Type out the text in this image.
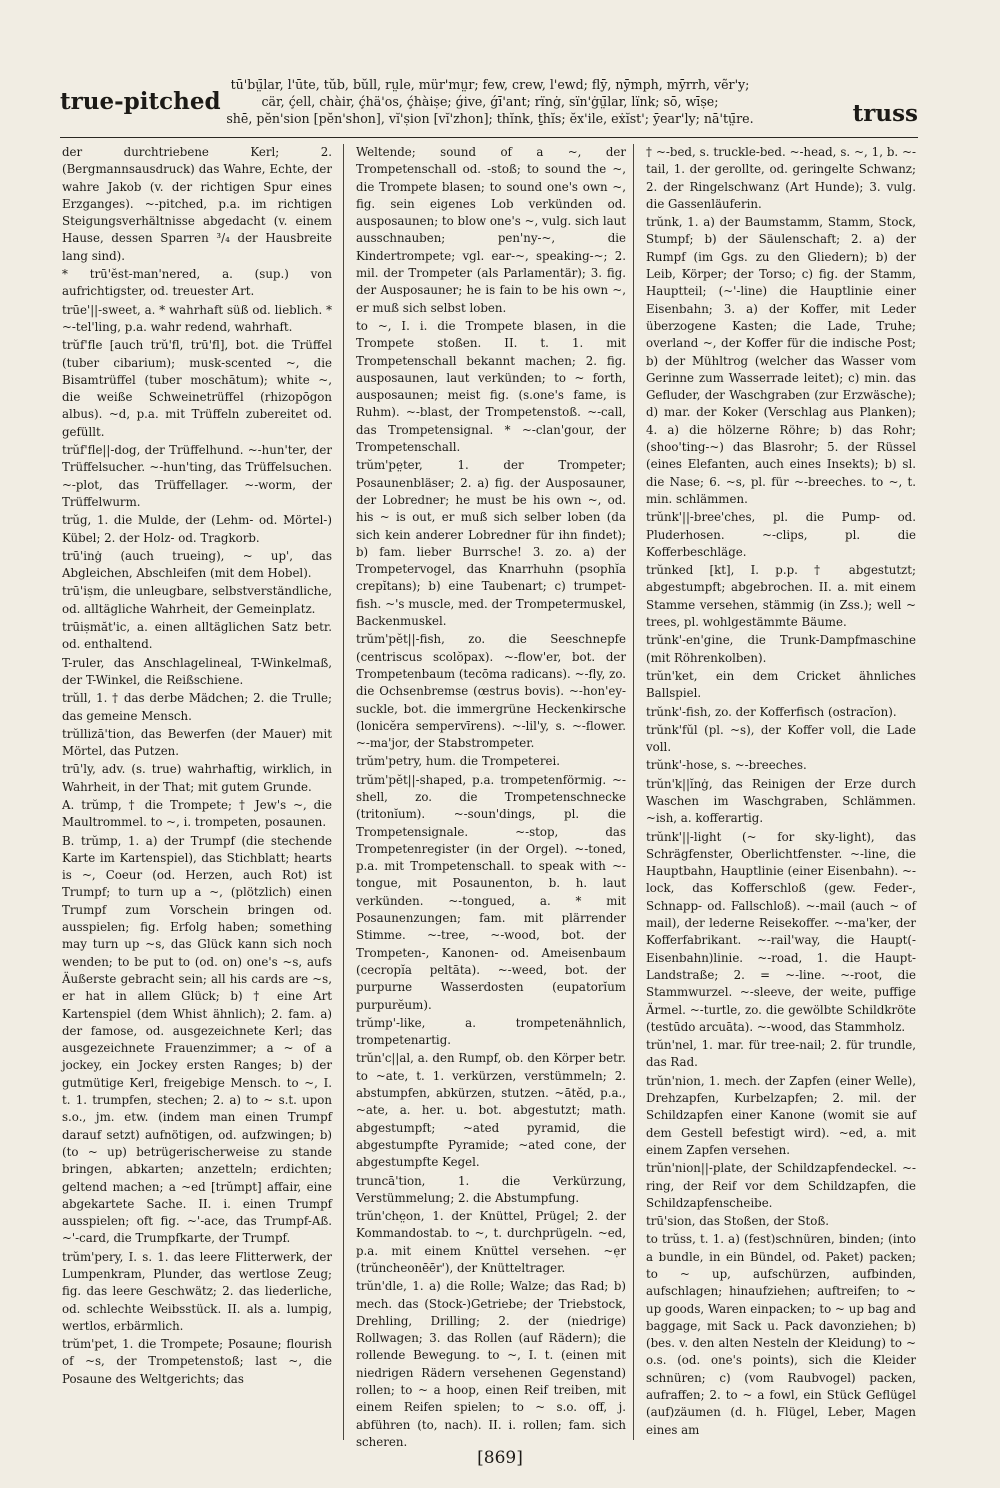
true-pitched
tū'bṳ̄lar, l'ūte, tŭb, bŭll, rṳle, mür'mṳr; few, crew, l'ewd; flȳ, nȳmph, mȳrrh, vẽr'y;
cär, ḉell, chàir, ḉhä'os, ḉhàiṣe; ǵive, ǵī'ant; rïnġ, sïn'ġṳ̄lar, lïnk; sō, wīṣe;
shē, pĕn'sion [pĕn'shon], vĭ'ṣion [vĭ'zhon]; thĭnk, ṯhĭs; ĕx'ile, eẋĭst'; ȳear'ly; nā'tṳ̄re.	truss
der durchtriebene Kerl; 2. (Bergmannsausdruck) das Wahre, Echte, der wahre Jakob (v. der richtigen Spur eines Erzganges). ~-pitched, p.a. im richtigen Steigungsverhältnisse abgedacht (v. einem Hause, dessen Sparren ³/₄ der Hausbreite lang sind).
* trū'ĕst-man'nered, a. (sup.) von aufrichtigster, od. treuester Art.
trūe'||-sweet, a. * wahrhaft süß od. lieblich. * ~-tel'ling, p.a. wahr redend, wahrhaft.
trŭf'fle [auch trŭ'fl, trū'fl], bot. die Trüffel (tuber cibarium); musk-scented ~, die Bisamtrüffel (tuber moschātum); white ~, die weiße Schweinetrüffel (rhizopōgon albus). ~d, p.a. mit Trüffeln zubereitet od. gefüllt.
trŭf'fle||-dog, der Trüffelhund. ~-hun'ter, der Trüffelsucher. ~-hun'ting, das Trüffelsuchen. ~-plot, das Trüffellager. ~-worm, der Trüffelwurm.
trŭg, 1. die Mulde, der (Lehm- od. Mörtel-) Kübel; 2. der Holz- od. Tragkorb.
trū'inġ (auch trueing), ~ up', das Abgleichen, Abschleifen (mit dem Hobel).
trū'iṣm, die unleugbare, selbstverständliche, od. alltägliche Wahrheit, der Gemeinplatz.
trūiṣmăt'ic, a. einen alltäglichen Satz betr. od. enthaltend.
T-ruler, das Anschlagelineal, T-Winkelmaß, der T-Winkel, die Reißschiene.
trŭll, 1. † das derbe Mädchen; 2. die Trulle; das gemeine Mensch.
trŭllizā'tion, das Bewerfen (der Mauer) mit Mörtel, das Putzen.
trū'ly, adv. (s. true) wahrhaftig, wirklich, in Wahrheit, in der That; mit gutem Grunde.
A. trŭmp, † die Trompete; † Jew's ~, die Maultrommel. to ~, i. trompeten, posaunen.
B. trŭmp, 1. a) der Trumpf (die stechende Karte im Kartenspiel), das Stichblatt; hearts is ~, Coeur (od. Herzen, auch Rot) ist Trumpf; to turn up a ~, (plötzlich) einen Trumpf zum Vorschein bringen od. ausspielen; fig. Erfolg haben; something may turn up ~s, das Glück kann sich noch wenden; to be put to (od. on) one's ~s, aufs Äußerste gebracht sein; all his cards are ~s, er hat in allem Glück; b) † eine Art Kartenspiel (dem Whist ähnlich); 2. fam. a) der famose, od. ausgezeichnete Kerl; das ausgezeichnete Frauenzimmer; a ~ of a jockey, ein Jockey ersten Ranges; b) der gutmütige Kerl, freigebige Mensch. to ~, I. t. 1. trumpfen, stechen; 2. a) to ~ s.t. upon s.o., jm. etw. (indem man einen Trumpf darauf setzt) aufnötigen, od. aufzwingen; b) (to ~ up) betrügerischerweise zu stande bringen, abkarten; anzetteln; erdichten; geltend machen; a ~ed [trŭmpt] affair, eine abgekartete Sache. II. i. einen Trumpf ausspielen; oft fig. ~'-ace, das Trumpf-Aß. ~'-card, die Trumpfkarte, der Trumpf.
trŭm'pery, I. s. 1. das leere Flitterwerk, der Lumpenkram, Plunder, das wertlose Zeug; fig. das leere Geschwätz; 2. das liederliche, od. schlechte Weibsstück. II. als a. lumpig, wertlos, erbärmlich.
trŭm'pet, 1. die Trompete; Posaune; flourish of ~s, der Trompetenstoß; last ~, die Posaune des Weltgerichts; das
Weltende; sound of a ~, der Trompetenschall od. -stoß; to sound the ~, die Trompete blasen; to sound one's own ~, fig. sein eigenes Lob verkünden od. ausposaunen; to blow one's ~, vulg. sich laut ausschnauben; pen'ny-~, die Kindertrompete; vgl. ear-~, speaking-~; 2. mil. der Trompeter (als Parlamentär); 3. fig. der Ausposauner; he is fain to be his own ~, er muß sich selbst loben.
to ~, I. i. die Trompete blasen, in die Trompete stoßen. II. t. 1. mit Trompetenschall bekannt machen; 2. fig. ausposaunen, laut verkünden; to ~ forth, ausposaunen; meist fig. (s.one's fame, is Ruhm). ~-blast, der Trompetenstoß. ~-call, das Trompetensignal. * ~-clan'gour, der Trompetenschall.
trŭm'pe̤ter, 1. der Trompeter; Posaunenbläser; 2. a) fig. der Ausposauner, der Lobredner; he must be his own ~, od. his ~ is out, er muß sich selber loben (da sich kein anderer Lobredner für ihn findet); b) fam. lieber Burrsche! 3. zo. a) der Trompetervogel, das Knarrhuhn (psophĭa crepĭtans); b) eine Taubenart; c) trumpet-fish. ~'s muscle, med. der Trompetermuskel, Backenmuskel.
trŭm'pĕt||-fish, zo. die Seeschnepfe (centriscus scolŏpax). ~-flow'er, bot. der Trompetenbaum (tecōma radicans). ~-fly, zo. die Ochsenbremse (œstrus bovis). ~-hon'ey-suckle, bot. die immergrüne Heckenkirsche (lonicĕra sempervīrens). ~-lil'y, s. ~-flower. ~-ma'jor, der Stabstrompeter.
trŭm'petry, hum. die Trompeterei.
trŭm'pĕt||-shaped, p.a. trompetenförmig. ~-shell, zo. die Trompetenschnecke (tritonĭum). ~-soun'dings, pl. die Trompetensignale. ~-stop, das Trompetenregister (in der Orgel). ~-toned, p.a. mit Trompetenschall. to speak with ~-tongue, mit Posaunenton, b. h. laut verkünden. ~-tongued, a. * mit Posaunenzungen; fam. mit plärrender Stimme. ~-tree, ~-wood, bot. der Trompeten-, Kanonen- od. Ameisenbaum (cecropĭa peltāta). ~-weed, bot. der purpurne Wasserdosten (eupatorĭum purpurĕum).
trŭmp'-like, a. trompetenähnlich, trompetenartig.
trŭn'c||al, a. den Rumpf, ob. den Körper betr. to ~ate, t. 1. verkürzen, verstümmeln; 2. abstumpfen, abkürzen, stutzen. ~ātĕd, p.a., ~ate, a. her. u. bot. abgestutzt; math. abgestumpft; ~ated pyramid, die abgestumpfte Pyramide; ~ated cone, der abgestumpfte Kegel.
truncā'tion, 1. die Verkürzung, Verstümmelung; 2. die Abstumpfung.
trŭn'che̤on, 1. der Knüttel, Prügel; 2. der Kommandostab. to ~, t. durchprügeln. ~ed, p.a. mit einem Knüttel versehen. ~ẹr (trŭncheonēēr'), der Knütteltrager.
trŭn'dle, 1. a) die Rolle; Walze; das Rad; b) mech. das (Stock-)Getriebe; der Triebstock, Drehling, Drilling; 2. der (niedrige) Rollwagen; 3. das Rollen (auf Rädern); die rollende Bewegung. to ~, I. t. (einen mit niedrigen Rädern versehenen Gegenstand) rollen; to ~ a hoop, einen Reif treiben, mit einem Reifen spielen; to ~ s.o. off, j. abführen (to, nach). II. i. rollen; fam. sich scheren.
† ~-bed, s. truckle-bed. ~-head, s. ~, 1, b. ~-tail, 1. der gerollte, od. geringelte Schwanz; 2. der Ringelschwanz (Art Hunde); 3. vulg. die Gassenläuferin.
trŭnk, 1. a) der Baumstamm, Stamm, Stock, Stumpf; b) der Säulenschaft; 2. a) der Rumpf (im Ggs. zu den Gliedern); b) der Leib, Körper; der Torso; c) fig. der Stamm, Hauptteil; (~'-line) die Hauptlinie einer Eisenbahn; 3. a) der Koffer, mit Leder überzogene Kasten; die Lade, Truhe; overland ~, der Koffer für die indische Post; b) der Mühltrog (welcher das Wasser vom Gerinne zum Wasserrade leitet); c) min. das Gefluder, der Waschgraben (zur Erzwäsche); d) mar. der Koker (Verschlag aus Planken); 4. a) die hölzerne Röhre; b) das Rohr; (shoo'ting-~) das Blasrohr; 5. der Rüssel (eines Elefanten, auch eines Insekts); b) sl. die Nase; 6. ~s, pl. für ~-breeches. to ~, t. min. schlämmen.
trŭnk'||-bree'ches, pl. die Pump- od. Pluderhosen. ~-clips, pl. die Kofferbeschläge.
trŭnked [kt], I. p.p. † abgestutzt; abgestumpft; abgebrochen. II. a. mit einem Stamme versehen, stämmig (in Zss.); well ~ trees, pl. wohlgestämmte Bäume.
trŭnk'-en'gine, die Trunk-Dampfmaschine (mit Röhrenkolben).
trŭn'ket, ein dem Cricket ähnliches Ballspiel.
trŭnk'-fish, zo. der Kofferfisch (ostracĭon).
trŭnk'fŭl (pl. ~s), der Koffer voll, die Lade voll.
trŭnk'-hose, s. ~-breeches.
trŭn'k||ĭnġ, das Reinigen der Erze durch Waschen im Waschgraben, Schlämmen. ~ish, a. kofferartig.
trŭnk'||-light (~ for sky-light), das Schrägfenster, Oberlichtfenster. ~-line, die Hauptbahn, Hauptlinie (einer Eisenbahn). ~-lock, das Kofferschloß (gew. Feder-, Schnapp- od. Fallschloß). ~-mail (auch ~ of mail), der lederne Reisekoffer. ~-ma'ker, der Kofferfabrikant. ~-rail'way, die Haupt(-Eisenbahn)linie. ~-road, 1. die Haupt-Landstraße; 2. = ~-line. ~-root, die Stammwurzel. ~-sleeve, der weite, puffige Ärmel. ~-turtle, zo. die gewölbte Schildkröte (testūdo arcuāta). ~-wood, das Stammholz.
trŭn'nel, 1. mar. für tree-nail; 2. für trundle, das Rad.
trŭn'nion, 1. mech. der Zapfen (einer Welle), Drehzapfen, Kurbelzapfen; 2. mil. der Schildzapfen einer Kanone (womit sie auf dem Gestell befestigt wird). ~ed, a. mit einem Zapfen versehen.
trŭn'nion||-plate, der Schildzapfendeckel. ~-ring, der Reif vor dem Schildzapfen, die Schildzapfenscheibe.
trū'sion, das Stoßen, der Stoß.
to trŭss, t. 1. a) (fest)schnüren, binden; (into a bundle, in ein Bündel, od. Paket) packen; to ~ up, aufschürzen, aufbinden, aufschlagen; hinaufziehen; auftreifen; to ~ up goods, Waren einpacken; to ~ up bag and baggage, mit Sack u. Pack davonziehen; b) (bes. v. den alten Nesteln der Kleidung) to ~ o.s. (od. one's points), sich die Kleider schnüren; c) (vom Raubvogel) packen, aufraffen; 2. to ~ a fowl, ein Stück Geflügel (auf)zäumen (d. h. Flügel, Leber, Magen eines am
[869]
